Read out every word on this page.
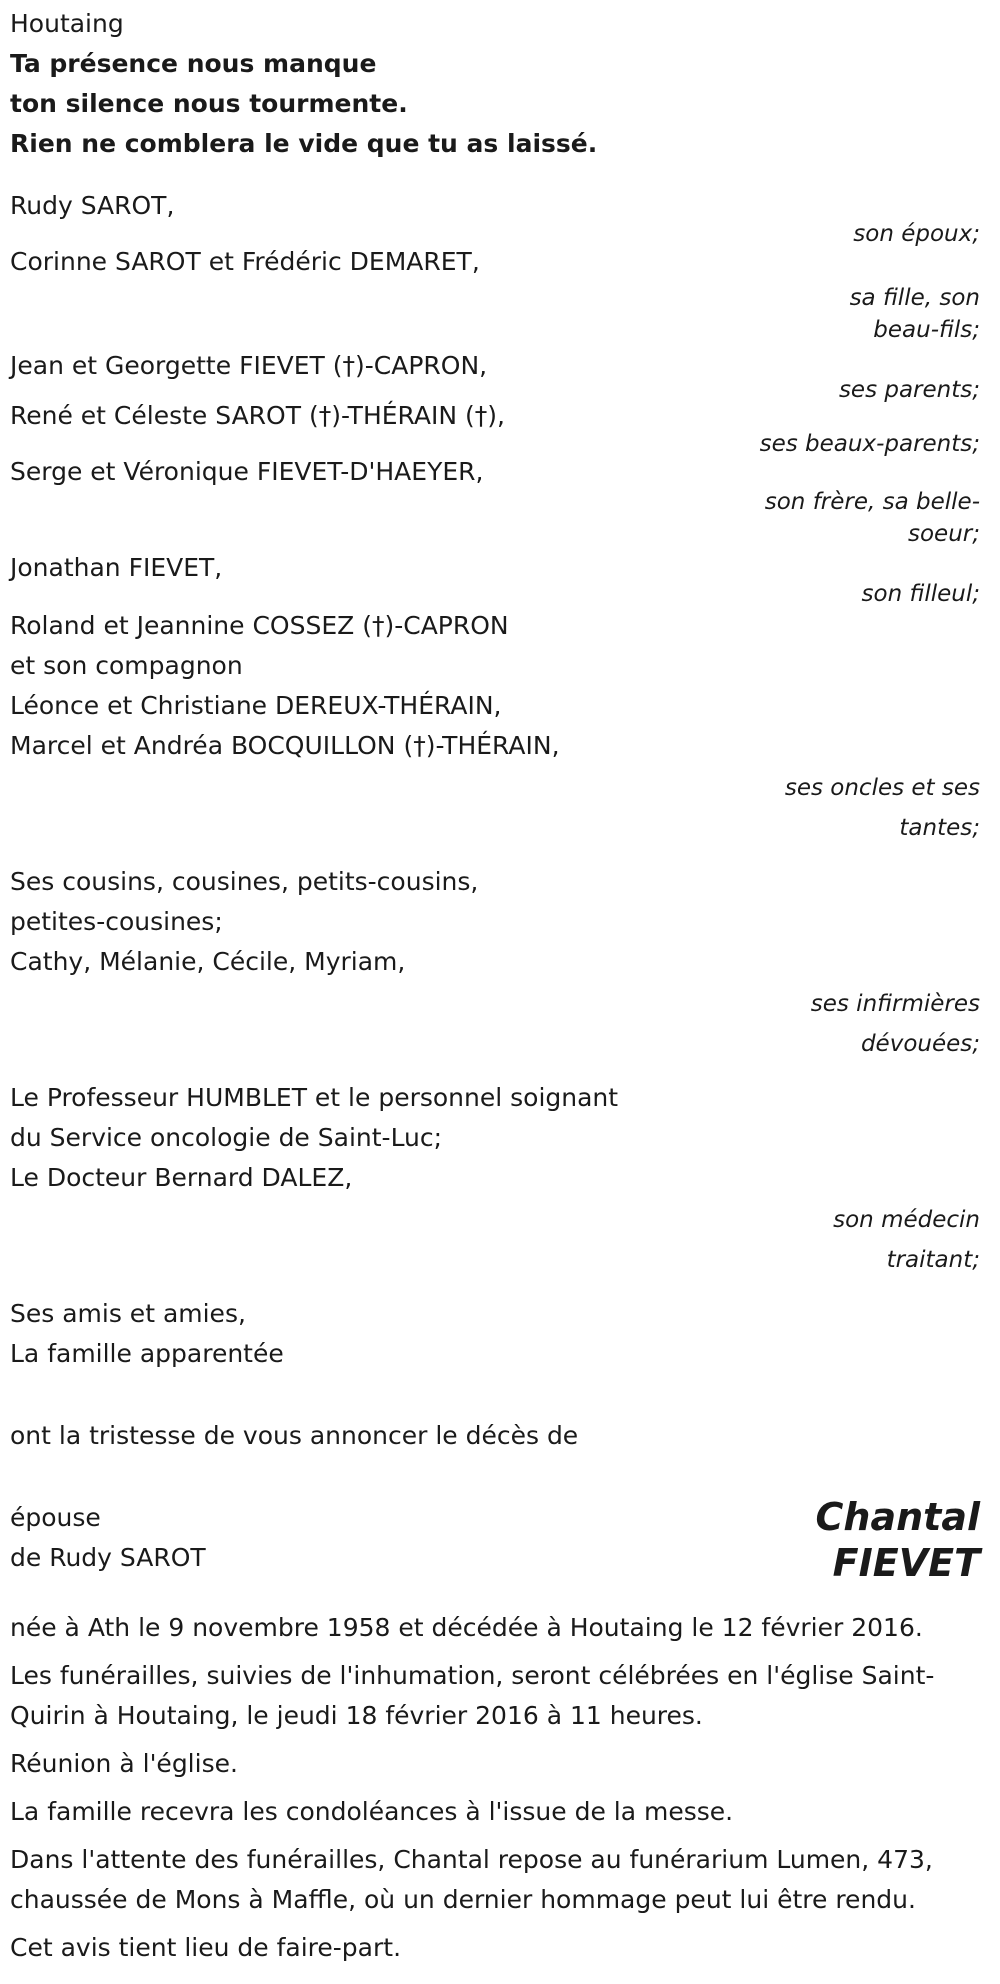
Houtaing
Ta présence nous manque
ton silence nous tourmente.
Rien ne comblera le vide que tu as laissé.
Rudy SAROT,
son époux;
Corinne SAROT et Frédéric DEMARET,
sa fille, son
beau-fils;
Jean et Georgette FIEVET (†)-CAPRON,
ses parents;
René et Céleste SAROT (†)-THÉRAIN (†),
ses beaux-parents;
Serge et Véronique FIEVET-D'HAEYER,
son frère, sa belle-
soeur;
Jonathan FIEVET,
son filleul;
Roland et Jeannine COSSEZ (†)-CAPRON
et son compagnon
Léonce et Christiane DEREUX-THÉRAIN,
Marcel et Andréa BOCQUILLON (†)-THÉRAIN,
ses oncles et ses
tantes;
Ses cousins, cousines, petits-cousins,
petites-cousines;
Cathy, Mélanie, Cécile, Myriam,
ses infirmières
dévouées;
Le Professeur HUMBLET et le personnel soignant
du Service oncologie de Saint-Luc;
Le Docteur Bernard DALEZ,
son médecin
traitant;
Ses amis et amies,
La famille apparentée
ont la tristesse de vous annoncer le décès de
épouse
de Rudy SAROT
Chantal
FIEVET
née à Ath le 9 novembre 1958 et décédée à Houtaing le 12 février 2016.
Les funérailles, suivies de l'inhumation, seront célébrées en l'église Saint-Quirin à Houtaing, le jeudi 18 février 2016 à 11 heures.
Réunion à l'église.
La famille recevra les condoléances à l'issue de la messe.
Dans l'attente des funérailles, Chantal repose au funérarium Lumen, 473, chaussée de Mons à Maffle, où un dernier hommage peut lui être rendu.
Cet avis tient lieu de faire-part.
